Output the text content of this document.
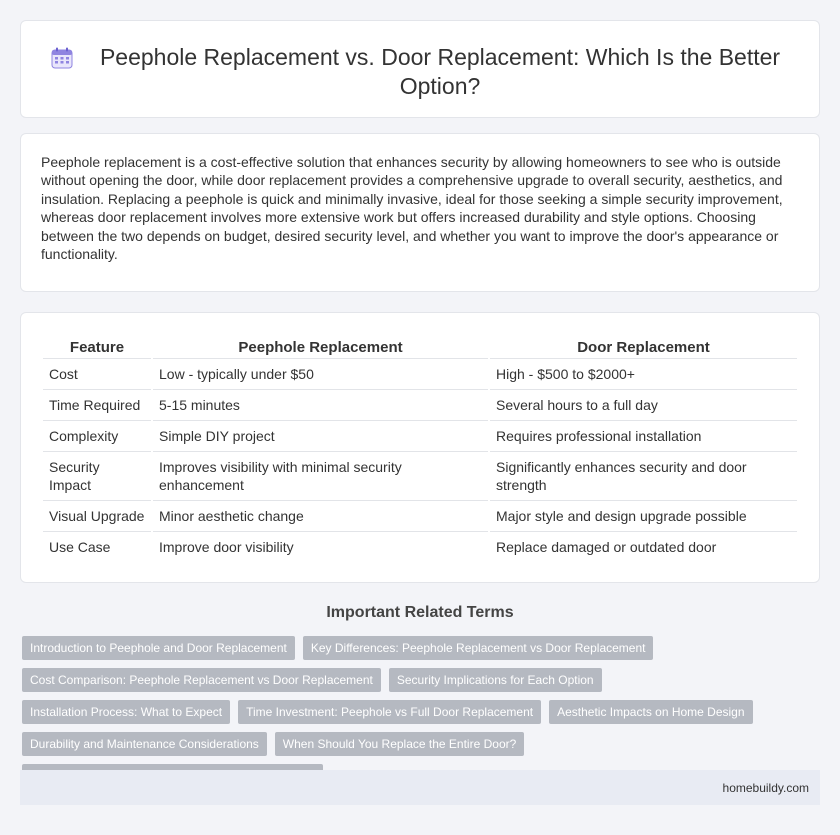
Peephole Replacement vs. Door Replacement: Which Is the Better Option?

Peephole replacement is a cost-effective solution that enhances security by allowing homeowners to see who is outside without opening the door, while door replacement provides a comprehensive upgrade to overall security, aesthetics, and insulation. Replacing a peephole is quick and minimally invasive, ideal for those seeking a simple security improvement, whereas door replacement involves more extensive work but offers increased durability and style options. Choosing between the two depends on budget, desired security level, and whether you want to improve the door's appearance or functionality.

Feature	Peephole Replacement	Door Replacement
Cost	Low - typically under $50	High - $500 to $2000+
Time Required	5-15 minutes	Several hours to a full day
Complexity	Simple DIY project	Requires professional installation
Security Impact	Improves visibility with minimal security enhancement	Significantly enhances security and door strength
Visual Upgrade	Minor aesthetic change	Major style and design upgrade possible
Use Case	Improve door visibility	Replace damaged or outdated door
Important Related Terms
Introduction to Peephole and Door Replacement	Key Differences: Peephole Replacement vs Door Replacement
Cost Comparison: Peephole Replacement vs Door Replacement	Security Implications for Each Option
Installation Process: What to Expect	Time Investment: Peephole vs Full Door Replacement	Aesthetic Impacts on Home Design
Durability and Maintenance Considerations	When Should You Replace the Entire Door?
homebuildy.com
